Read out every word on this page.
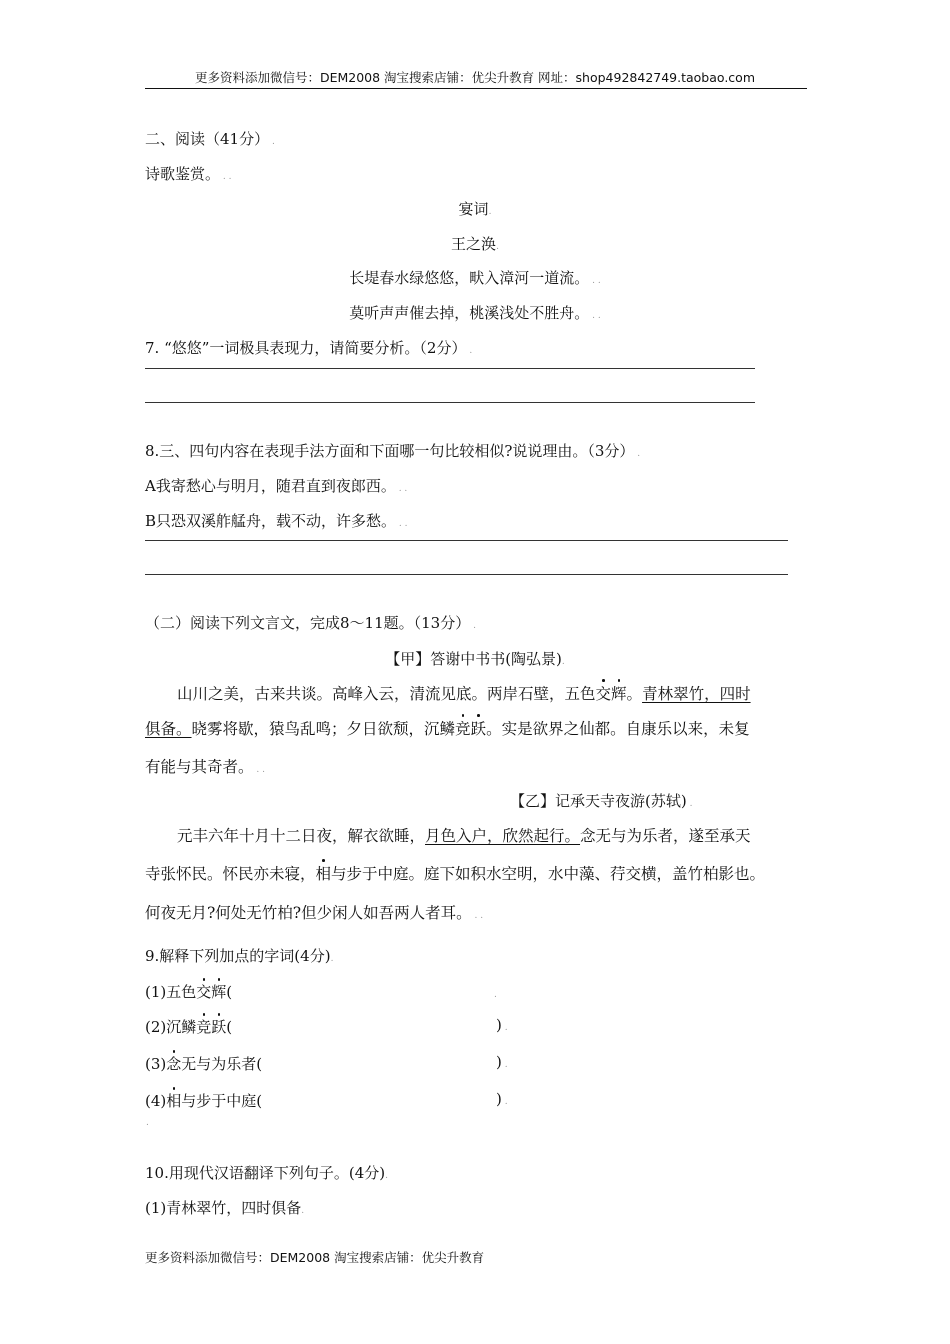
更多资料添加微信号：DEM2008 淘宝搜索店铺：优尖升教育 网址：shop492842749.taobao.com
二、阅读（41分） .
诗歌鉴赏。 . .
宴词.
王之涣.
长堤春水绿悠悠，畎入漳河一道流。 . .
莫听声声催去掉，桃溪浅处不胜舟。 . .
7. “悠悠”一词极具表现力，请简要分析。（2分） .
8.三、四句内容在表现手法方面和下面哪一句比较相似?说说理由。（3分） .
A我寄愁心与明月，随君直到夜郎西。 . .
B只恐双溪舴艋舟，载不动，许多愁。 . .
（二）阅读下列文言文，完成8～11题。（13分） .
【甲】答谢中书书(陶弘景).
山川之美，古来共谈。高峰入云，清流见底。两岸石壁，五色交辉。青林翠竹，四时
俱备。晓雾将歇，猿鸟乱鸣；夕日欲颓，沉鳞竞跃。实是欲界之仙都。自康乐以来，未复
有能与其奇者。 . .
【乙】记承天寺夜游(苏轼) .
元丰六年十月十二日夜，解衣欲睡，月色入户，欣然起行。念无与为乐者，遂至承天
寺张怀民。怀民亦未寝，相与步于中庭。庭下如积水空明，水中藻、荇交横，盖竹柏影也。
何夜无月?何处无竹柏?但少闲人如吾两人者耳。 . .
9.解释下列加点的字词(4分).
(1)五色交辉(	.
(2)沉鳞竞跃(	) .
(3)念无与为乐者(	) .
(4)相与步于中庭(	) .
.
10.用现代汉语翻译下列句子。(4分).
(1)青林翠竹，四时俱备.
更多资料添加微信号：DEM2008 淘宝搜索店铺：优尖升教育
